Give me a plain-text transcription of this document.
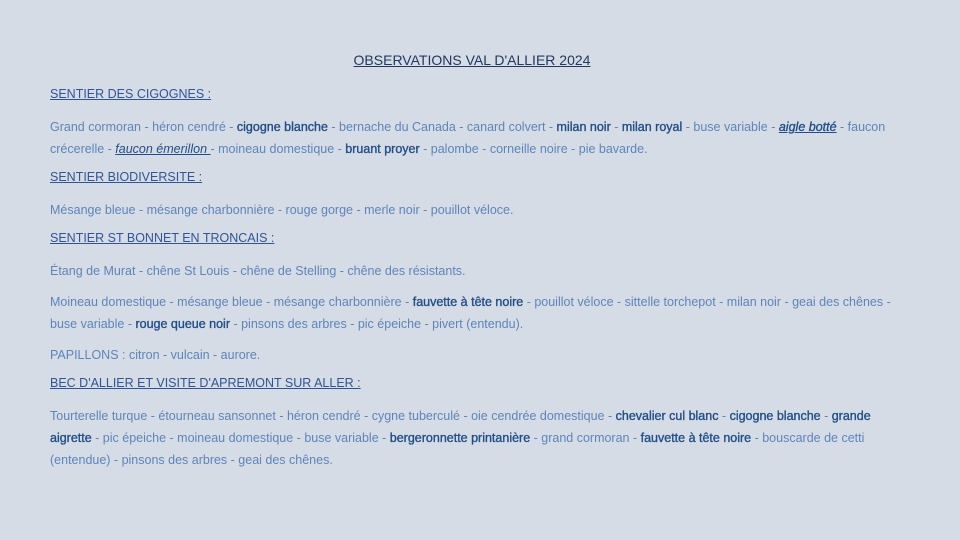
OBSERVATIONS VAL D'ALLIER 2024
SENTIER DES CIGOGNES :
Grand cormoran - héron cendré - cigogne blanche - bernache du Canada - canard colvert - milan noir - milan royal - buse variable - aigle botté - faucon crécerelle - faucon émerillon - moineau domestique - bruant proyer - palombe - corneille noire - pie bavarde.
SENTIER BIODIVERSITE :
Mésange bleue - mésange charbonnière - rouge gorge - merle noir - pouillot véloce.
SENTIER ST BONNET EN TRONCAIS :
Étang de Murat - chêne St Louis - chêne de Stelling - chêne des résistants.
Moineau domestique - mésange bleue - mésange charbonnière - fauvette à tête noire - pouillot véloce - sittelle torchepot - milan noir - geai des chênes - buse variable - rouge queue noir - pinsons des arbres - pic épeiche - pivert (entendu).
PAPILLONS : citron - vulcain - aurore.
BEC D'ALLIER ET VISITE D'APREMONT SUR ALLER :
Tourterelle turque - étourneau sansonnet - héron cendré - cygne tuberculé - oie cendrée domestique - chevalier cul blanc - cigogne blanche - grande aigrette - pic épeiche - moineau domestique - buse variable - bergeronnette printanière - grand cormoran - fauvette à tête noire - bouscarde de cetti (entendue) - pinsons des arbres - geai des chênes.
